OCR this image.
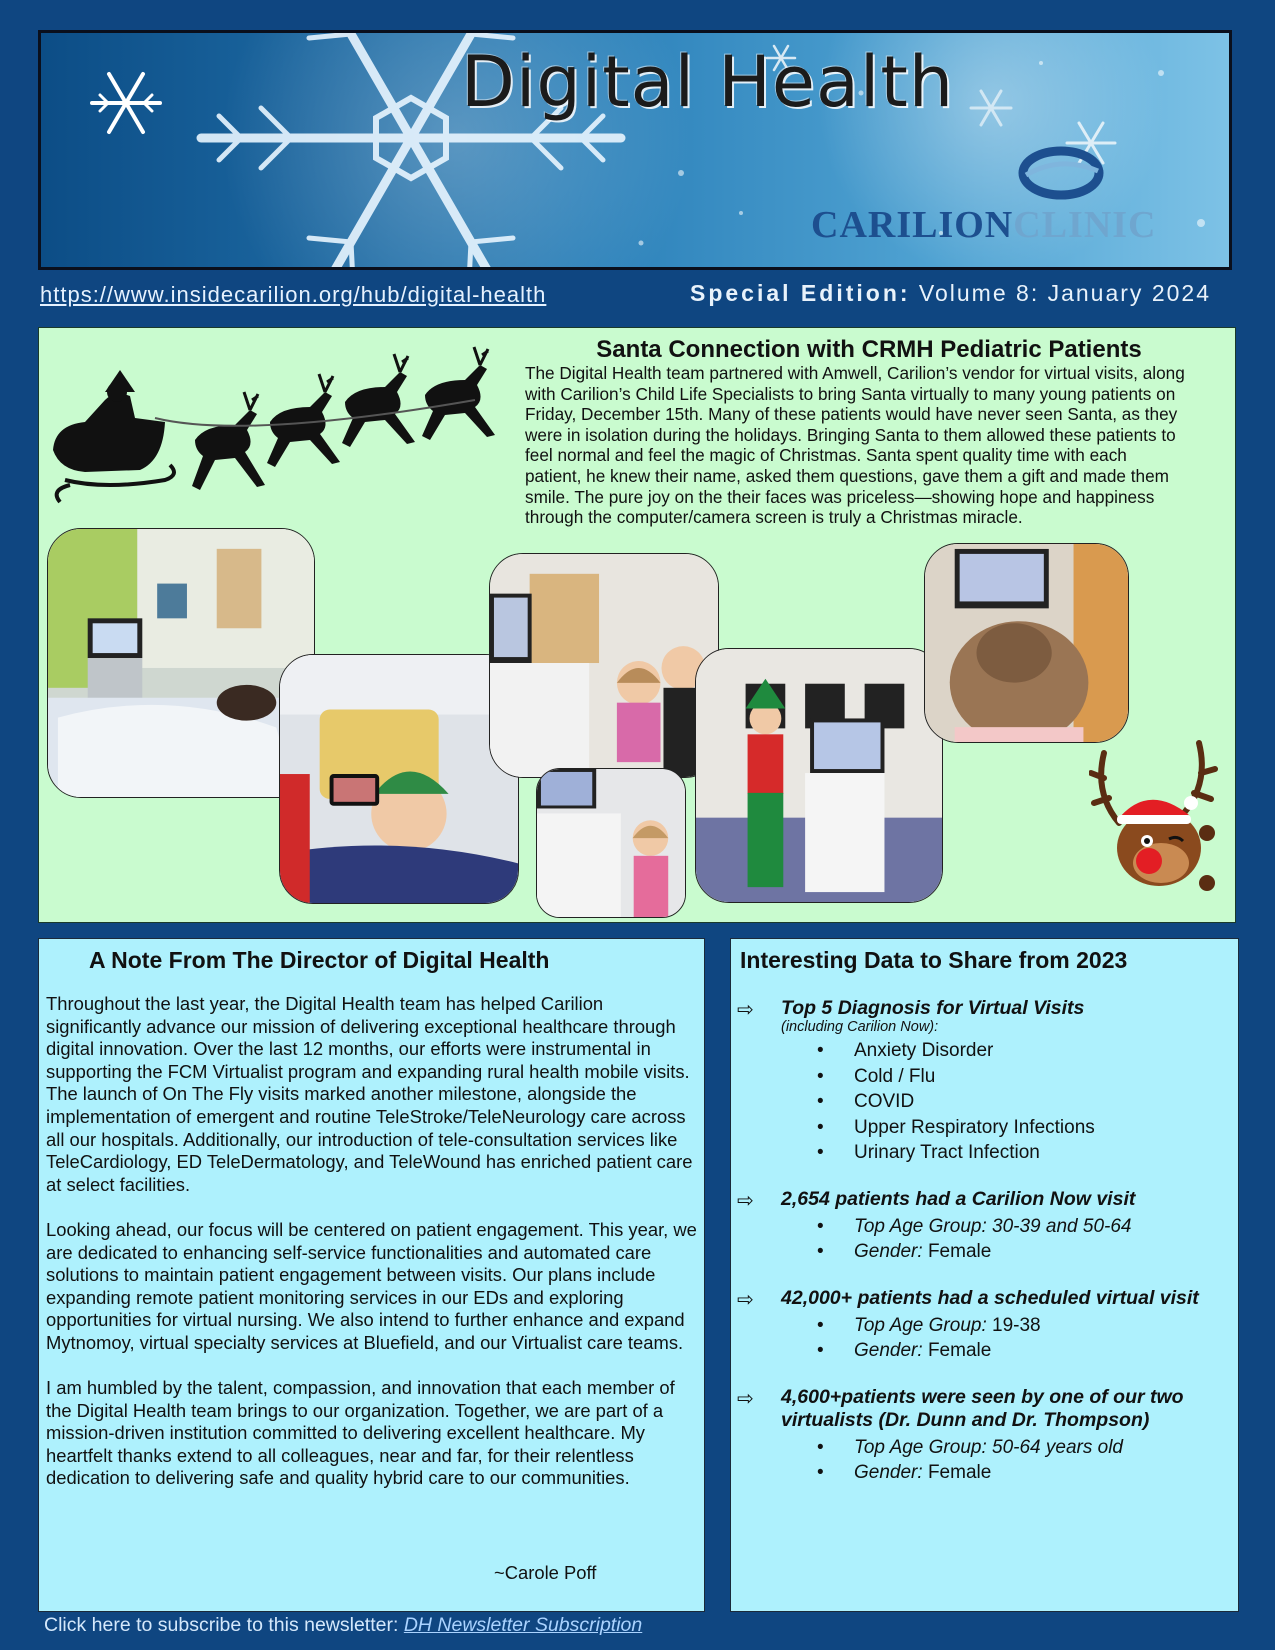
Digital Health
CARILIONCLINIC
https://www.insidecarilion.org/hub/digital-health	Special Edition: Volume 8: January 2024
Santa Connection with CRMH Pediatric Patients

The Digital Health team partnered with Amwell, Carilion’s vendor for virtual visits, along with Carilion’s Child Life Specialists to bring Santa virtually to many young patients on Friday, December 15th. Many of these patients would have never seen Santa, as they were in isolation during the holidays. Bringing Santa to them allowed these patients to feel normal and feel the magic of Christmas. Santa spent quality time with each patient, he knew their name, asked them questions, gave them a gift and made them smile. The pure joy on the their faces was priceless—showing hope and happiness through the computer/camera screen is truly a Christmas miracle.

A Note From The Director of Digital Health

Throughout the last year, the Digital Health team has helped Carilion significantly advance our mission of delivering exceptional healthcare through digital innovation. Over the last 12 months, our efforts were instrumental in supporting the FCM Virtualist program and expanding rural health mobile visits. The launch of On The Fly visits marked another milestone, alongside the implementation of emergent and routine TeleStroke/TeleNeurology care across all our hospitals. Additionally, our introduction of tele-consultation services like TeleCardiology, ED TeleDermatology, and TeleWound has enriched patient care at select facilities.

Looking ahead, our focus will be centered on patient engagement. This year, we are dedicated to enhancing self-service functionalities and automated care solutions to maintain patient engagement between visits. Our plans include expanding remote patient monitoring services in our EDs and exploring opportunities for virtual nursing. We also intend to further enhance and expand Mytnomoy, virtual specialty services at Bluefield, and our Virtualist care teams.

I am humbled by the talent, compassion, and innovation that each member of the Digital Health team brings to our organization. Together, we are part of a mission-driven institution committed to delivering excellent healthcare. My heartfelt thanks extend to all colleagues, near and far, for their relentless dedication to delivering safe and quality hybrid care to our communities.

~Carole Poff
Interesting Data to Share from 2023
⇨ Top 5 Diagnosis for Virtual Visits
(including Carilion Now):
• Anxiety Disorder
• Cold / Flu
• COVID
• Upper Respiratory Infections
• Urinary Tract Infection
⇨ 2,654 patients had a Carilion Now visit
• Top Age Group: 30-39 and 50-64
• Gender: Female
⇨ 42,000+ patients had a scheduled virtual visit
• Top Age Group: 19-38
• Gender: Female
⇨ 4,600+patients were seen by one of our two virtualists (Dr. Dunn and Dr. Thompson)
• Top Age Group: 50-64 years old
• Gender: Female
Click here to subscribe to this newsletter: DH Newsletter Subscription
